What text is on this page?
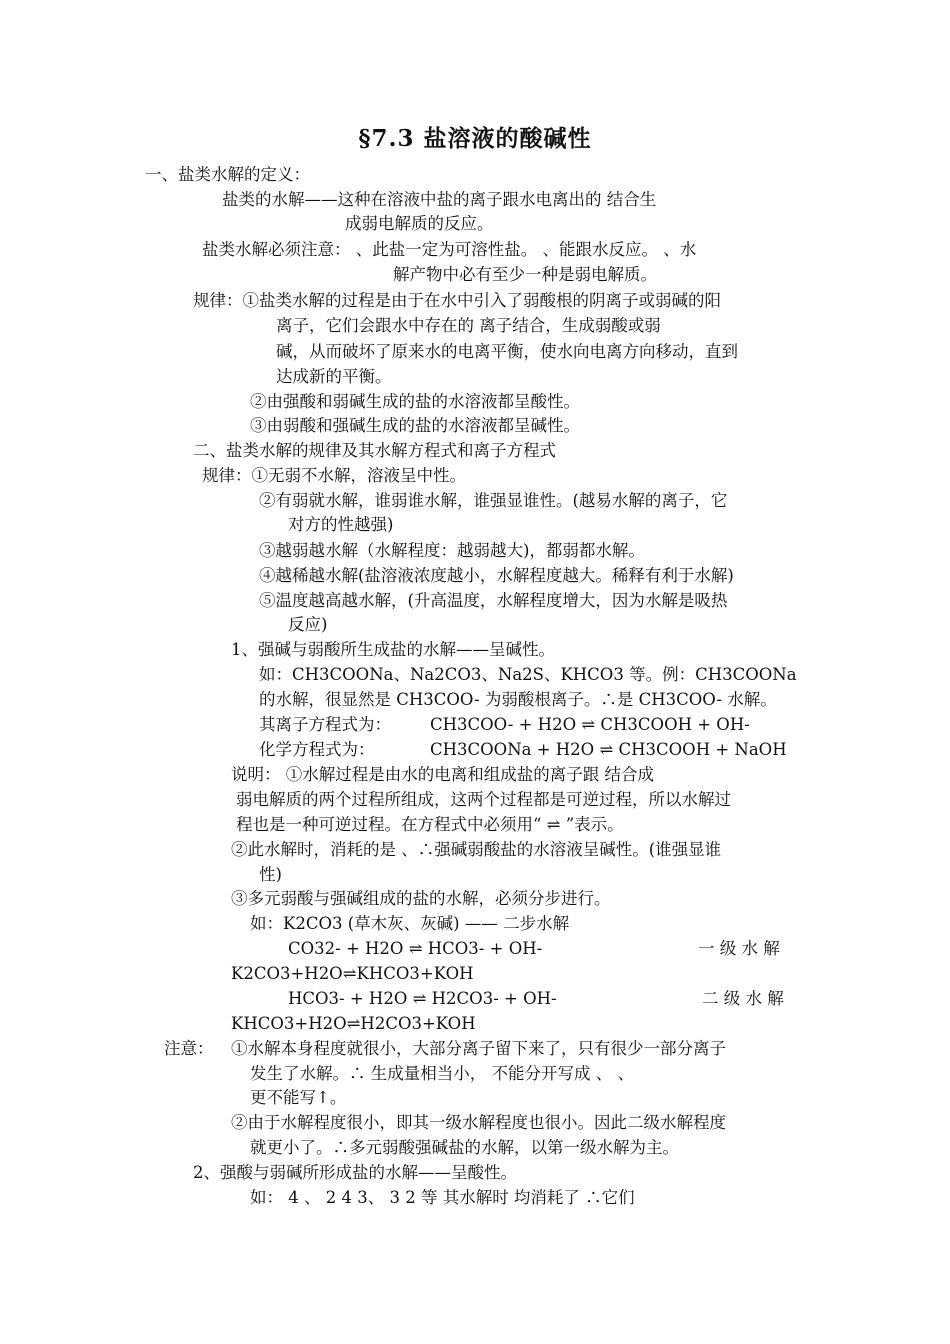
§7.3 盐溶液的酸碱性
一、盐类水解的定义：
盐类的水解——这种在溶液中盐的离子跟水电离出的 结合生
成弱电解质的反应。
盐类水解必须注意： 、此盐一定为可溶性盐。 、能跟水反应。 、水
解产物中必有至少一种是弱电解质。
规律：①盐类水解的过程是由于在水中引入了弱酸根的阴离子或弱碱的阳
离子，它们会跟水中存在的 离子结合，生成弱酸或弱
碱，从而破坏了原来水的电离平衡，使水向电离方向移动，直到
达成新的平衡。
②由强酸和弱碱生成的盐的水溶液都呈酸性。
③由弱酸和强碱生成的盐的水溶液都呈碱性。
二、盐类水解的规律及其水解方程式和离子方程式
规律：①无弱不水解，溶液呈中性。
②有弱就水解，谁弱谁水解，谁强显谁性。(越易水解的离子，它
对方的性越强)
③越弱越水解（水解程度：越弱越大)，都弱都水解。
④越稀越水解(盐溶液浓度越小，水解程度越大。稀释有利于水解)
⑤温度越高越水解，(升高温度，水解程度增大，因为水解是吸热
反应)
1、强碱与弱酸所生成盐的水解——呈碱性。
如：CH3COONa、Na2CO3、Na2S、KHCO3 等。例：CH3COONa
的水解，很显然是 CH3COO- 为弱酸根离子。∴是 CH3COO- 水解。
其离子方程式为： CH3COO- + H2O ⇌ CH3COOH + OH-
化学方程式为：	CH3COONa + H2O ⇌ CH3COOH + NaOH
说明： ①水解过程是由水的电离和组成盐的离子跟 结合成
弱电解质的两个过程所组成，这两个过程都是可逆过程，所以水解过
程也是一种可逆过程。在方程式中必须用“ ⇌ ”表示。
②此水解时，消耗的是 、∴强碱弱酸盐的水溶液呈碱性。(谁强显谁
性)
③多元弱酸与强碱组成的盐的水解，必须分步进行。
如：K2CO3 (草木灰、灰碱) —— 二步水解
CO32- + H2O ⇌ HCO3- + OH-	一 级 水 解
K2CO3+H2O⇌KHCO3+KOH
HCO3- + H2O ⇌ H2CO3- + OH-	二 级 水 解
KHCO3+H2O⇌H2CO3+KOH
注意： ①水解本身程度就很小，大部分离子留下来了，只有很少一部分离子
发生了水解。∴ 生成量相当小， 不能分开写成 、 、
更不能写↑。
②由于水解程度很小，即其一级水解程度也很小。因此二级水解程度
就更小了。∴多元弱酸强碱盐的水解，以第一级水解为主。
2、强酸与弱碱所形成盐的水解——呈酸性。
如： 4 、 2 4 3、 3 2 等 其水解时 均消耗了 ∴它们
